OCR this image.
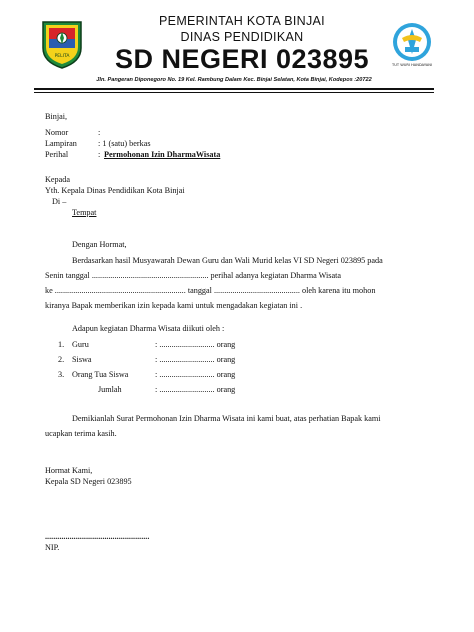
PELITA
TUT WURI HANDAYANI
PEMERINTAH KOTA BINJAI
DINAS PENDIDIKAN
SD NEGERI 023895
Jln. Pangeran Diponegoro No. 19 Kel. Rambung Dalam Kec. Binjai Selatan, Kota Binjai, Kodepos :20722
Binjai,
Nomor	:
Lampiran	: 1 (satu) berkas
Perihal	: Permohonan Izin DharmaWisata
Kepada
Yth. Kepala Dinas Pendidikan Kota Binjai
Di –
Tempat
Dengan Hormat,
Berdasarkan hasil Musyawarah Dewan Guru dan Wali Murid kelas VI SD Negeri 023895 pada
Senin tanggal ......................................................... perihal adanya kegiatan Dharma Wisata
ke ................................................................ tanggal .......................................... oleh karena itu mohon
kiranya Bapak memberikan izin kepada kami untuk mengadakan kegiatan ini .
Adapun kegiatan Dharma Wisata diikuti oleh :
1. Guru	: ........................... orang
2. Siswa	: ........................... orang
3. Orang Tua Siswa	: ........................... orang
Jumlah	: ........................... orang
Demikianlah Surat Permohonan Izin Dharma Wisata ini kami buat, atas perhatian Bapak kami
ucapkan terima kasih.
Hormat Kami,
Kepala SD Negeri 023895
...................................................
NIP.
